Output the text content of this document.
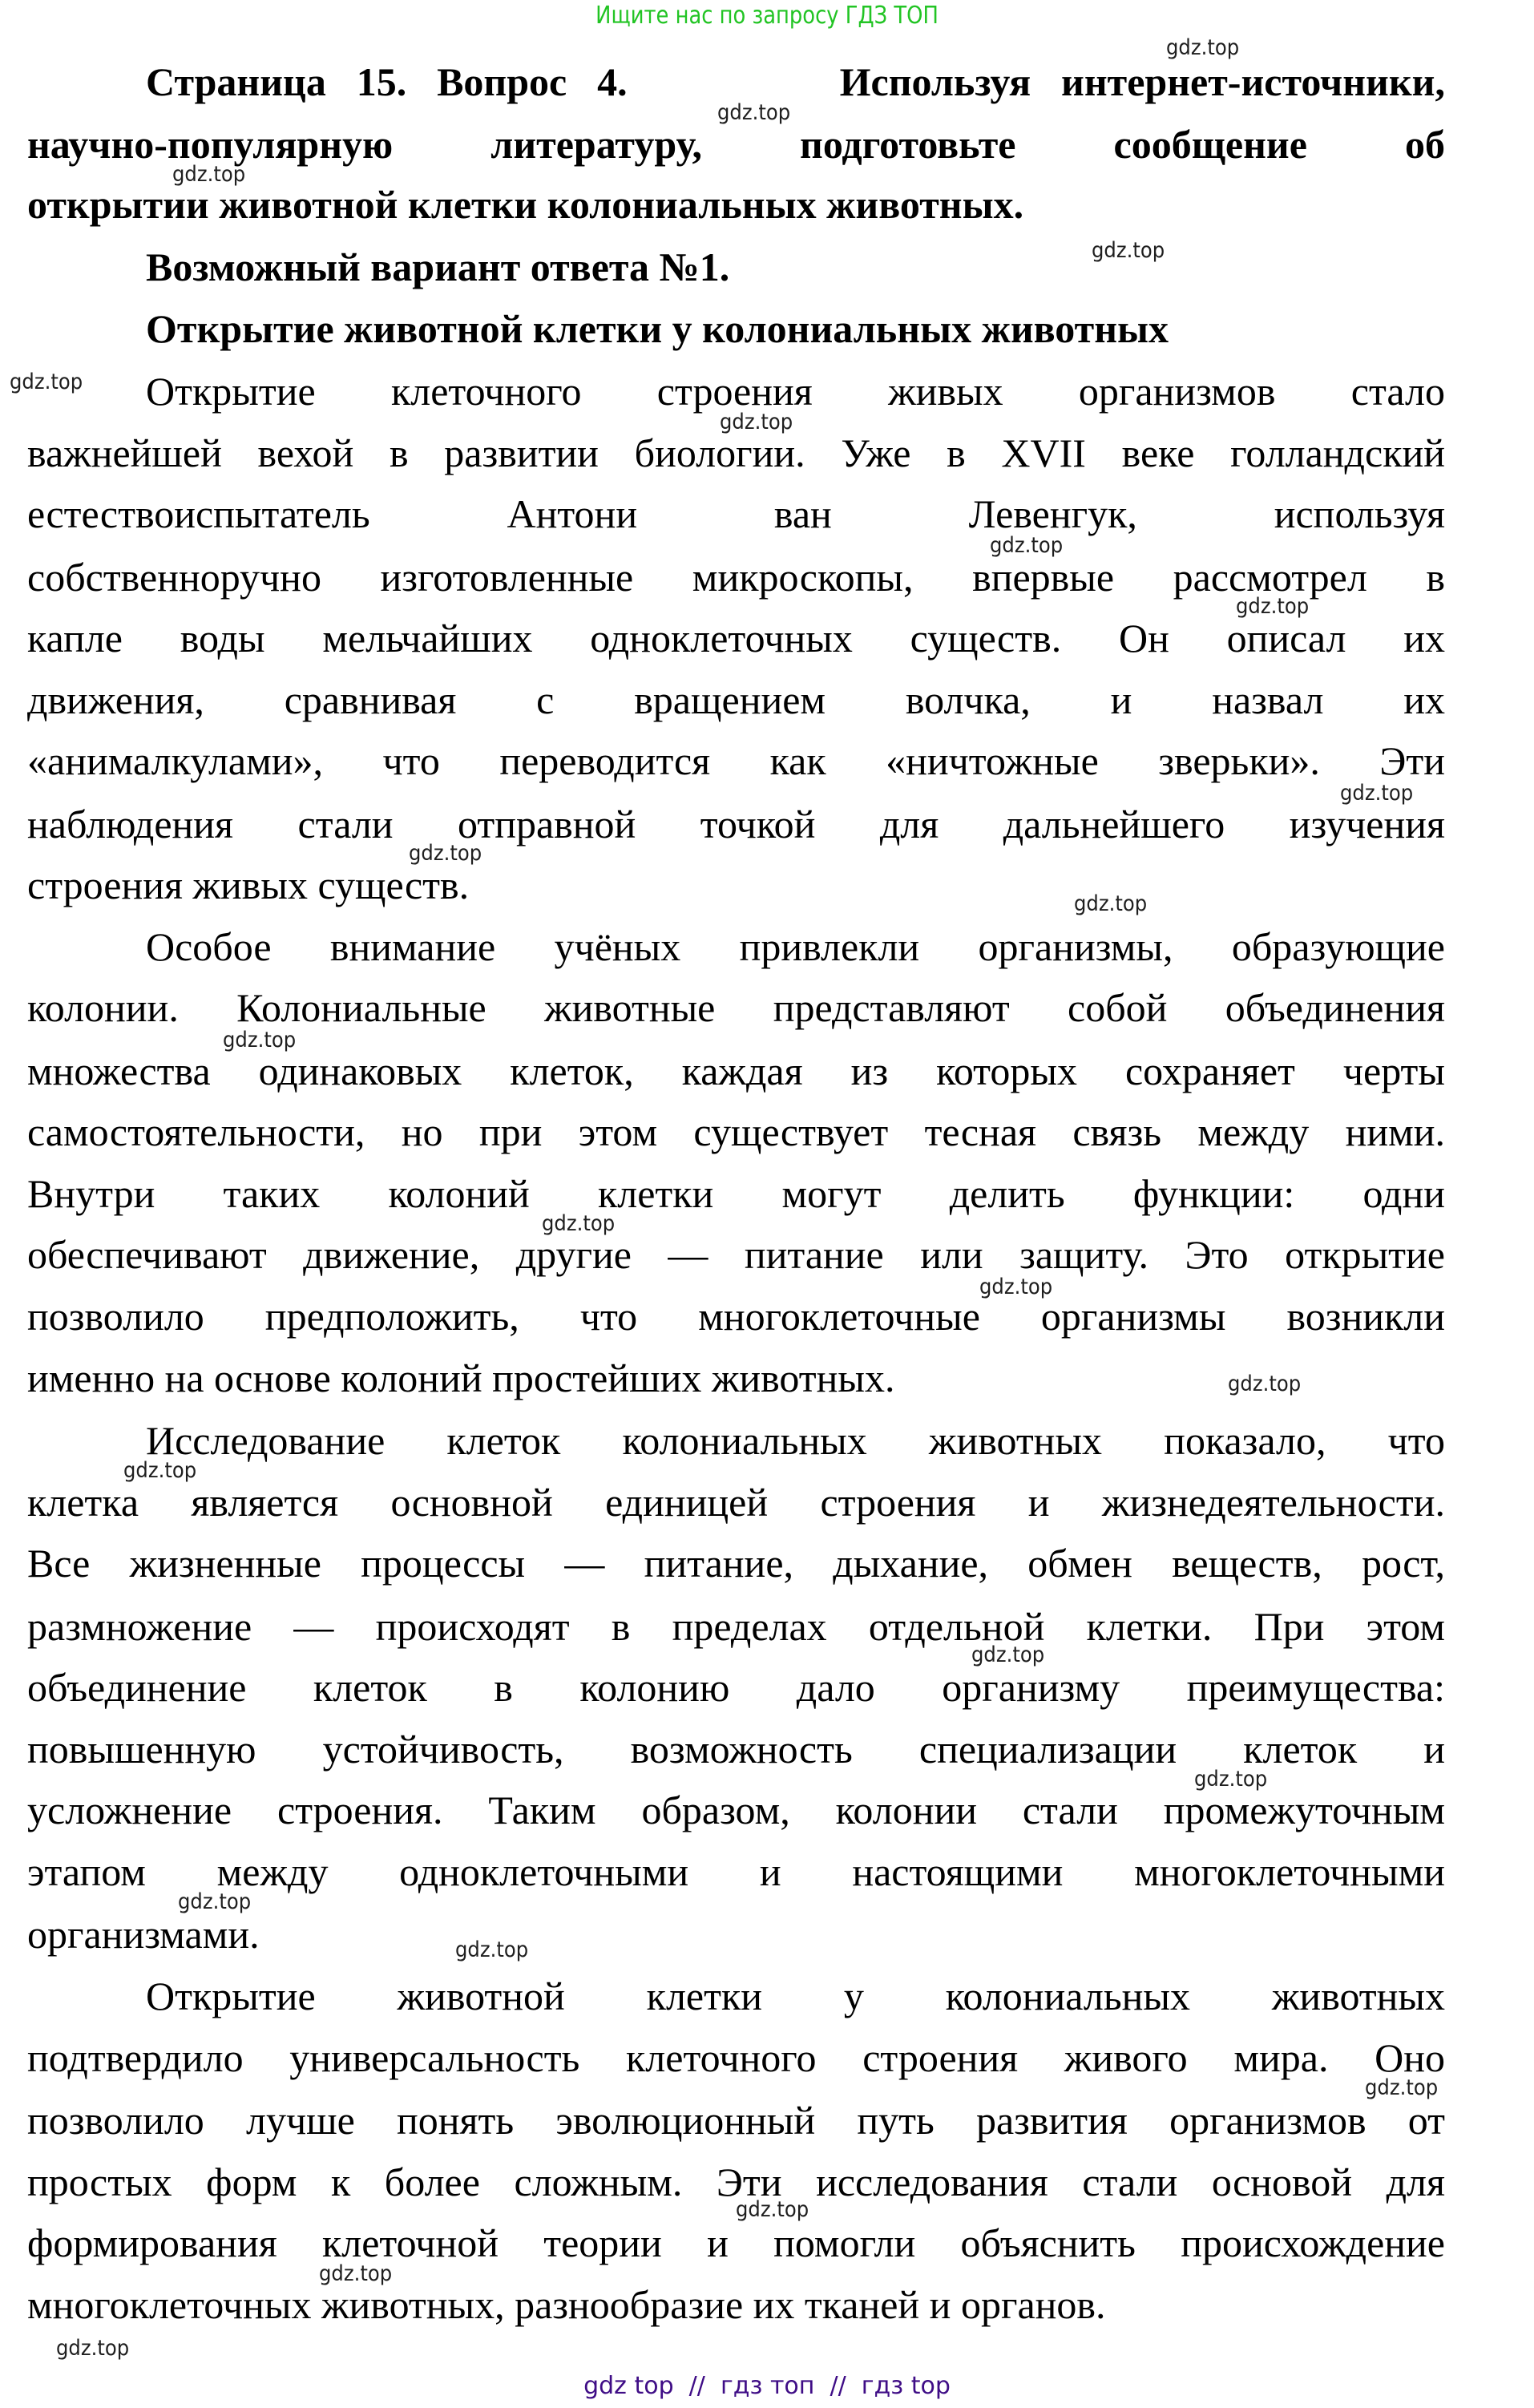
Ищите нас по запросу ГДЗ ТОП
Страница 15. Вопрос 4.       Используя интернет-источники,
научно-популярную литературу, подготовьте сообщение об
открытии животной клетки колониальных животных.
Возможный вариант ответа №1.
Открытие животной клетки у колониальных животных
Открытие клеточного строения живых организмов стало
важнейшей вехой в развитии биологии. Уже в XVII веке голландский
естествоиспытатель Антони ван Левенгук, используя
собственноручно изготовленные микроскопы, впервые рассмотрел в
капле воды мельчайших одноклеточных существ. Он описал их
движения, сравнивая с вращением волчка, и назвал их
«анималкулами», что переводится как «ничтожные зверьки». Эти
наблюдения стали отправной точкой для дальнейшего изучения
строения живых существ.
Особое внимание учёных привлекли организмы, образующие
колонии. Колониальные животные представляют собой объединения
множества одинаковых клеток, каждая из которых сохраняет черты
самостоятельности, но при этом существует тесная связь между ними.
Внутри таких колоний клетки могут делить функции: одни
обеспечивают движение, другие — питание или защиту. Это открытие
позволило предположить, что многоклеточные организмы возникли
именно на основе колоний простейших животных.
Исследование клеток колониальных животных показало, что
клетка является основной единицей строения и жизнедеятельности.
Все жизненные процессы — питание, дыхание, обмен веществ, рост,
размножение — происходят в пределах отдельной клетки. При этом
объединение клеток в колонию дало организму преимущества:
повышенную устойчивость, возможность специализации клеток и
усложнение строения. Таким образом, колонии стали промежуточным
этапом между одноклеточными и настоящими многоклеточными
организмами.
Открытие животной клетки у колониальных животных
подтвердило универсальность клеточного строения живого мира. Оно
позволило лучше понять эволюционный путь развития организмов от
простых форм к более сложным. Эти исследования стали основой для
формирования клеточной теории и помогли объяснить происхождение
многоклеточных животных, разнообразие их тканей и органов.
gdz.top
gdz.top
gdz.top
gdz.top
gdz.top
gdz.top
gdz.top
gdz.top
gdz.top
gdz.top
gdz.top
gdz.top
gdz.top
gdz.top
gdz.top
gdz.top
gdz.top
gdz.top
gdz.top
gdz.top
gdz.top
gdz.top
gdz.top
gdz.top
gdz top  //  гдз топ  //  гдз top
